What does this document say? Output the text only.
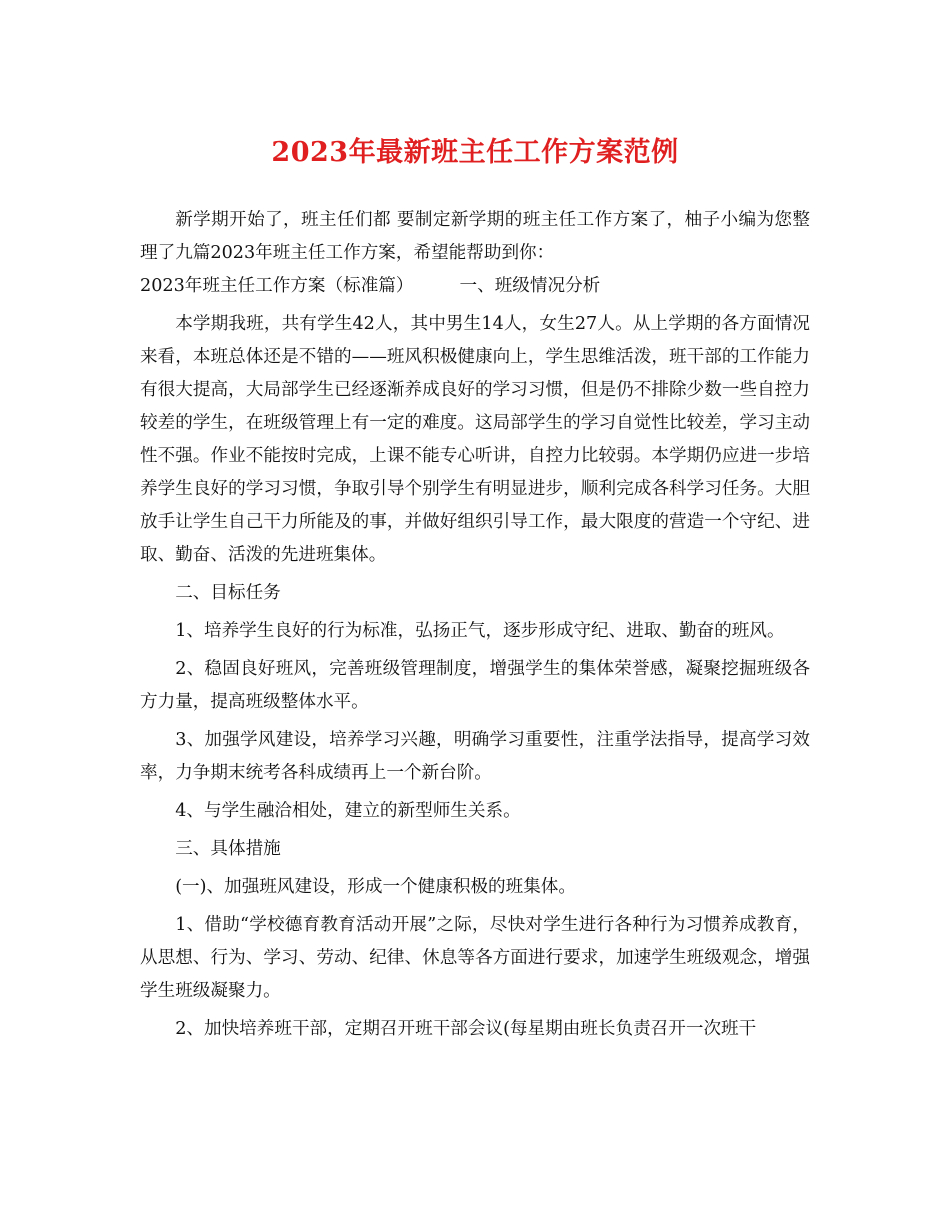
2023年最新班主任工作方案范例

新学期开始了，班主任们都 要制定新学期的班主任工作方案了，柚子小编为您整理了九篇2023年班主任工作方案，希望能帮助到你：

2023年班主任工作方案（标准篇）	一、班级情况分析

本学期我班，共有学生42人，其中男生14人，女生27人。从上学期的各方面情况来看，本班总体还是不错的——班风积极健康向上，学生思维活泼，班干部的工作能力有很大提高，大局部学生已经逐渐养成良好的学习习惯，但是仍不排除少数一些自控力较差的学生，在班级管理上有一定的难度。这局部学生的学习自觉性比较差，学习主动性不强。作业不能按时完成，上课不能专心听讲，自控力比较弱。本学期仍应进一步培养学生良好的学习习惯，争取引导个别学生有明显进步，顺利完成各科学习任务。大胆放手让学生自己干力所能及的事，并做好组织引导工作，最大限度的营造一个守纪、进取、勤奋、活泼的先进班集体。

二、目标任务

1、培养学生良好的行为标准，弘扬正气，逐步形成守纪、进取、勤奋的班风。

2、稳固良好班风，完善班级管理制度，增强学生的集体荣誉感，凝聚挖掘班级各方力量，提高班级整体水平。

3、加强学风建设，培养学习兴趣，明确学习重要性，注重学法指导，提高学习效率，力争期末统考各科成绩再上一个新台阶。

4、与学生融洽相处，建立的新型师生关系。

三、具体措施

(一)、加强班风建设，形成一个健康积极的班集体。

1、借助“学校德育教育活动开展”之际，尽快对学生进行各种行为习惯养成教育，从思想、行为、学习、劳动、纪律、休息等各方面进行要求，加速学生班级观念，增强学生班级凝聚力。

2、加快培养班干部，定期召开班干部会议(每星期由班长负责召开一次班干
